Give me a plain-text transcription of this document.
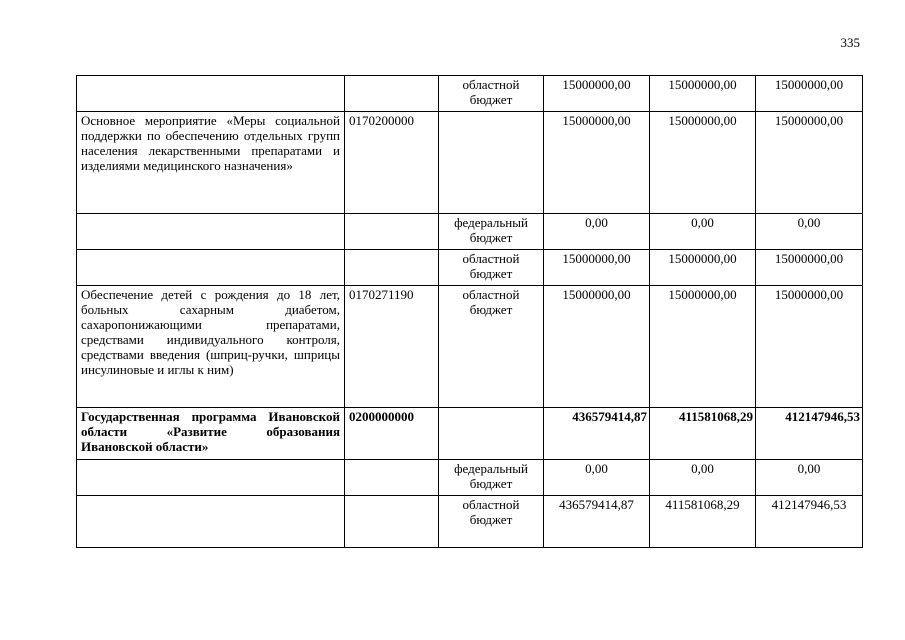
335
		областной бюджет	15000000,00	15000000,00	15000000,00
Основное мероприятие «Меры социальной поддержки по обеспечению отдельных групп населения лекарственными препаратами и изделиями медицинского назначения»	0170200000		15000000,00	15000000,00	15000000,00
		федеральный бюджет	0,00	0,00	0,00
		областной бюджет	15000000,00	15000000,00	15000000,00
Обеспечение детей с рождения до 18 лет, больных сахарным диабетом, сахаропонижающими препаратами, средствами индивидуального контроля, средствами введения (шприц-ручки, шприцы инсулиновые и иглы к ним)	0170271190	областной бюджет	15000000,00	15000000,00	15000000,00
Государственная программа Ивановской области «Развитие образования Ивановской области»	0200000000		436579414,87	411581068,29	412147946,53
		федеральный бюджет	0,00	0,00	0,00
		областной бюджет	436579414,87	411581068,29	412147946,53
